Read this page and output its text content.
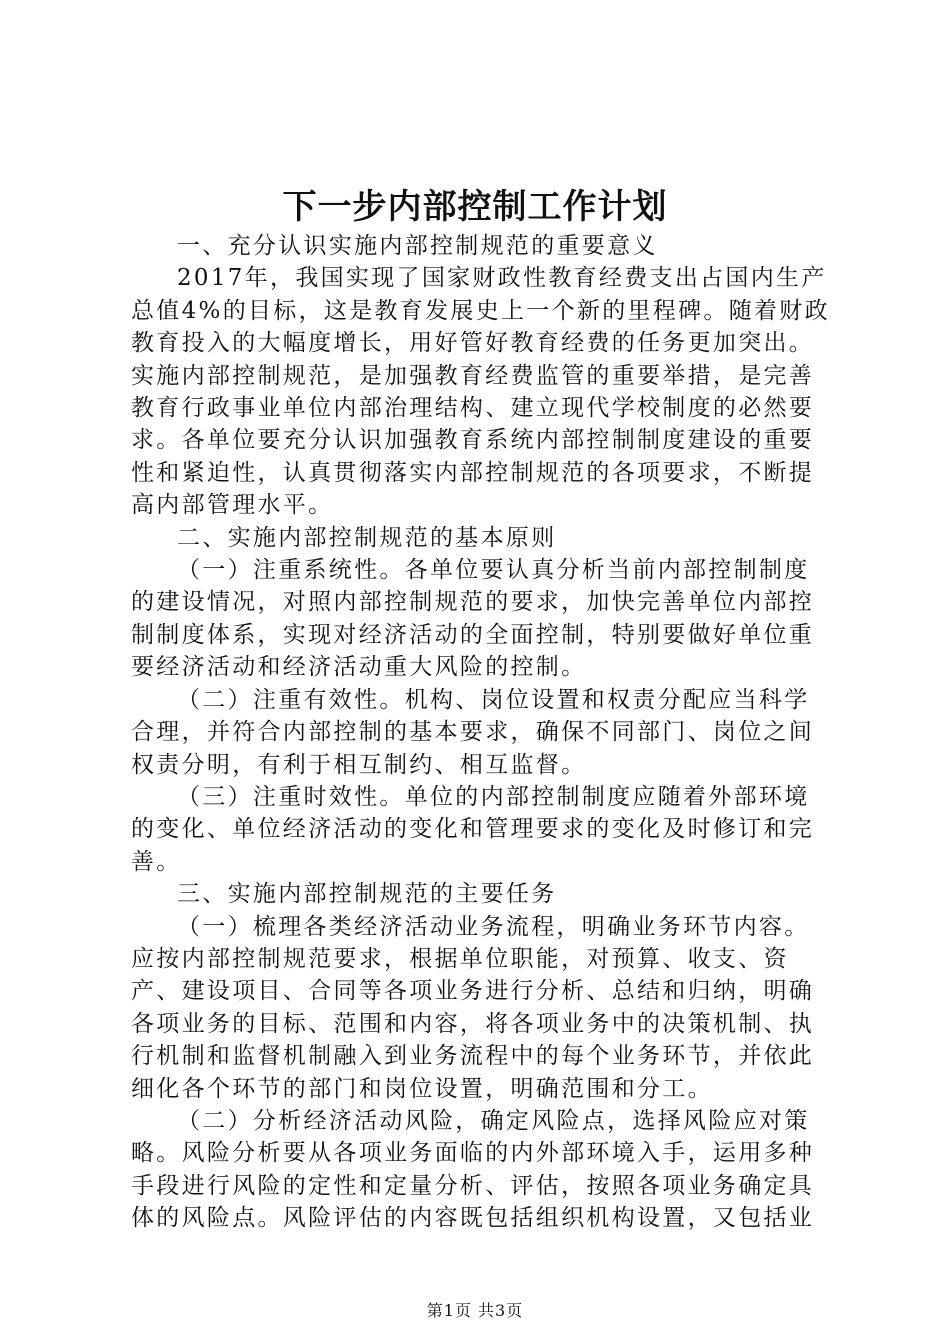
下一步内部控制工作计划

一、充分认识实施内部控制规范的重要意义

2017年，我国实现了国家财政性教育经费支出占国内生产总值4%的目标，这是教育发展史上一个新的里程碑。随着财政教育投入的大幅度增长，用好管好教育经费的任务更加突出。实施内部控制规范，是加强教育经费监管的重要举措，是完善教育行政事业单位内部治理结构、建立现代学校制度的必然要求。各单位要充分认识加强教育系统内部控制制度建设的重要性和紧迫性，认真贯彻落实内部控制规范的各项要求，不断提高内部管理水平。

二、实施内部控制规范的基本原则

（一）注重系统性。各单位要认真分析当前内部控制制度的建设情况，对照内部控制规范的要求，加快完善单位内部控制制度体系，实现对经济活动的全面控制，特别要做好单位重要经济活动和经济活动重大风险的控制。

（二）注重有效性。机构、岗位设置和权责分配应当科学合理，并符合内部控制的基本要求，确保不同部门、岗位之间权责分明，有利于相互制约、相互监督。

（三）注重时效性。单位的内部控制制度应随着外部环境的变化、单位经济活动的变化和管理要求的变化及时修订和完善。

三、实施内部控制规范的主要任务

（一）梳理各类经济活动业务流程，明确业务环节内容。应按内部控制规范要求，根据单位职能，对预算、收支、资产、建设项目、合同等各项业务进行分析、总结和归纳，明确各项业务的目标、范围和内容，将各项业务中的决策机制、执行机制和监督机制融入到业务流程中的每个业务环节，并依此细化各个环节的部门和岗位设置，明确范围和分工。

（二）分析经济活动风险，确定风险点，选择风险应对策略。风险分析要从各项业务面临的内外部环境入手，运用多种手段进行风险的定性和定量分析、评估，按照各项业务确定具体的风险点。风险评估的内容既包括组织机构设置，又包括业

第1页 共3页
